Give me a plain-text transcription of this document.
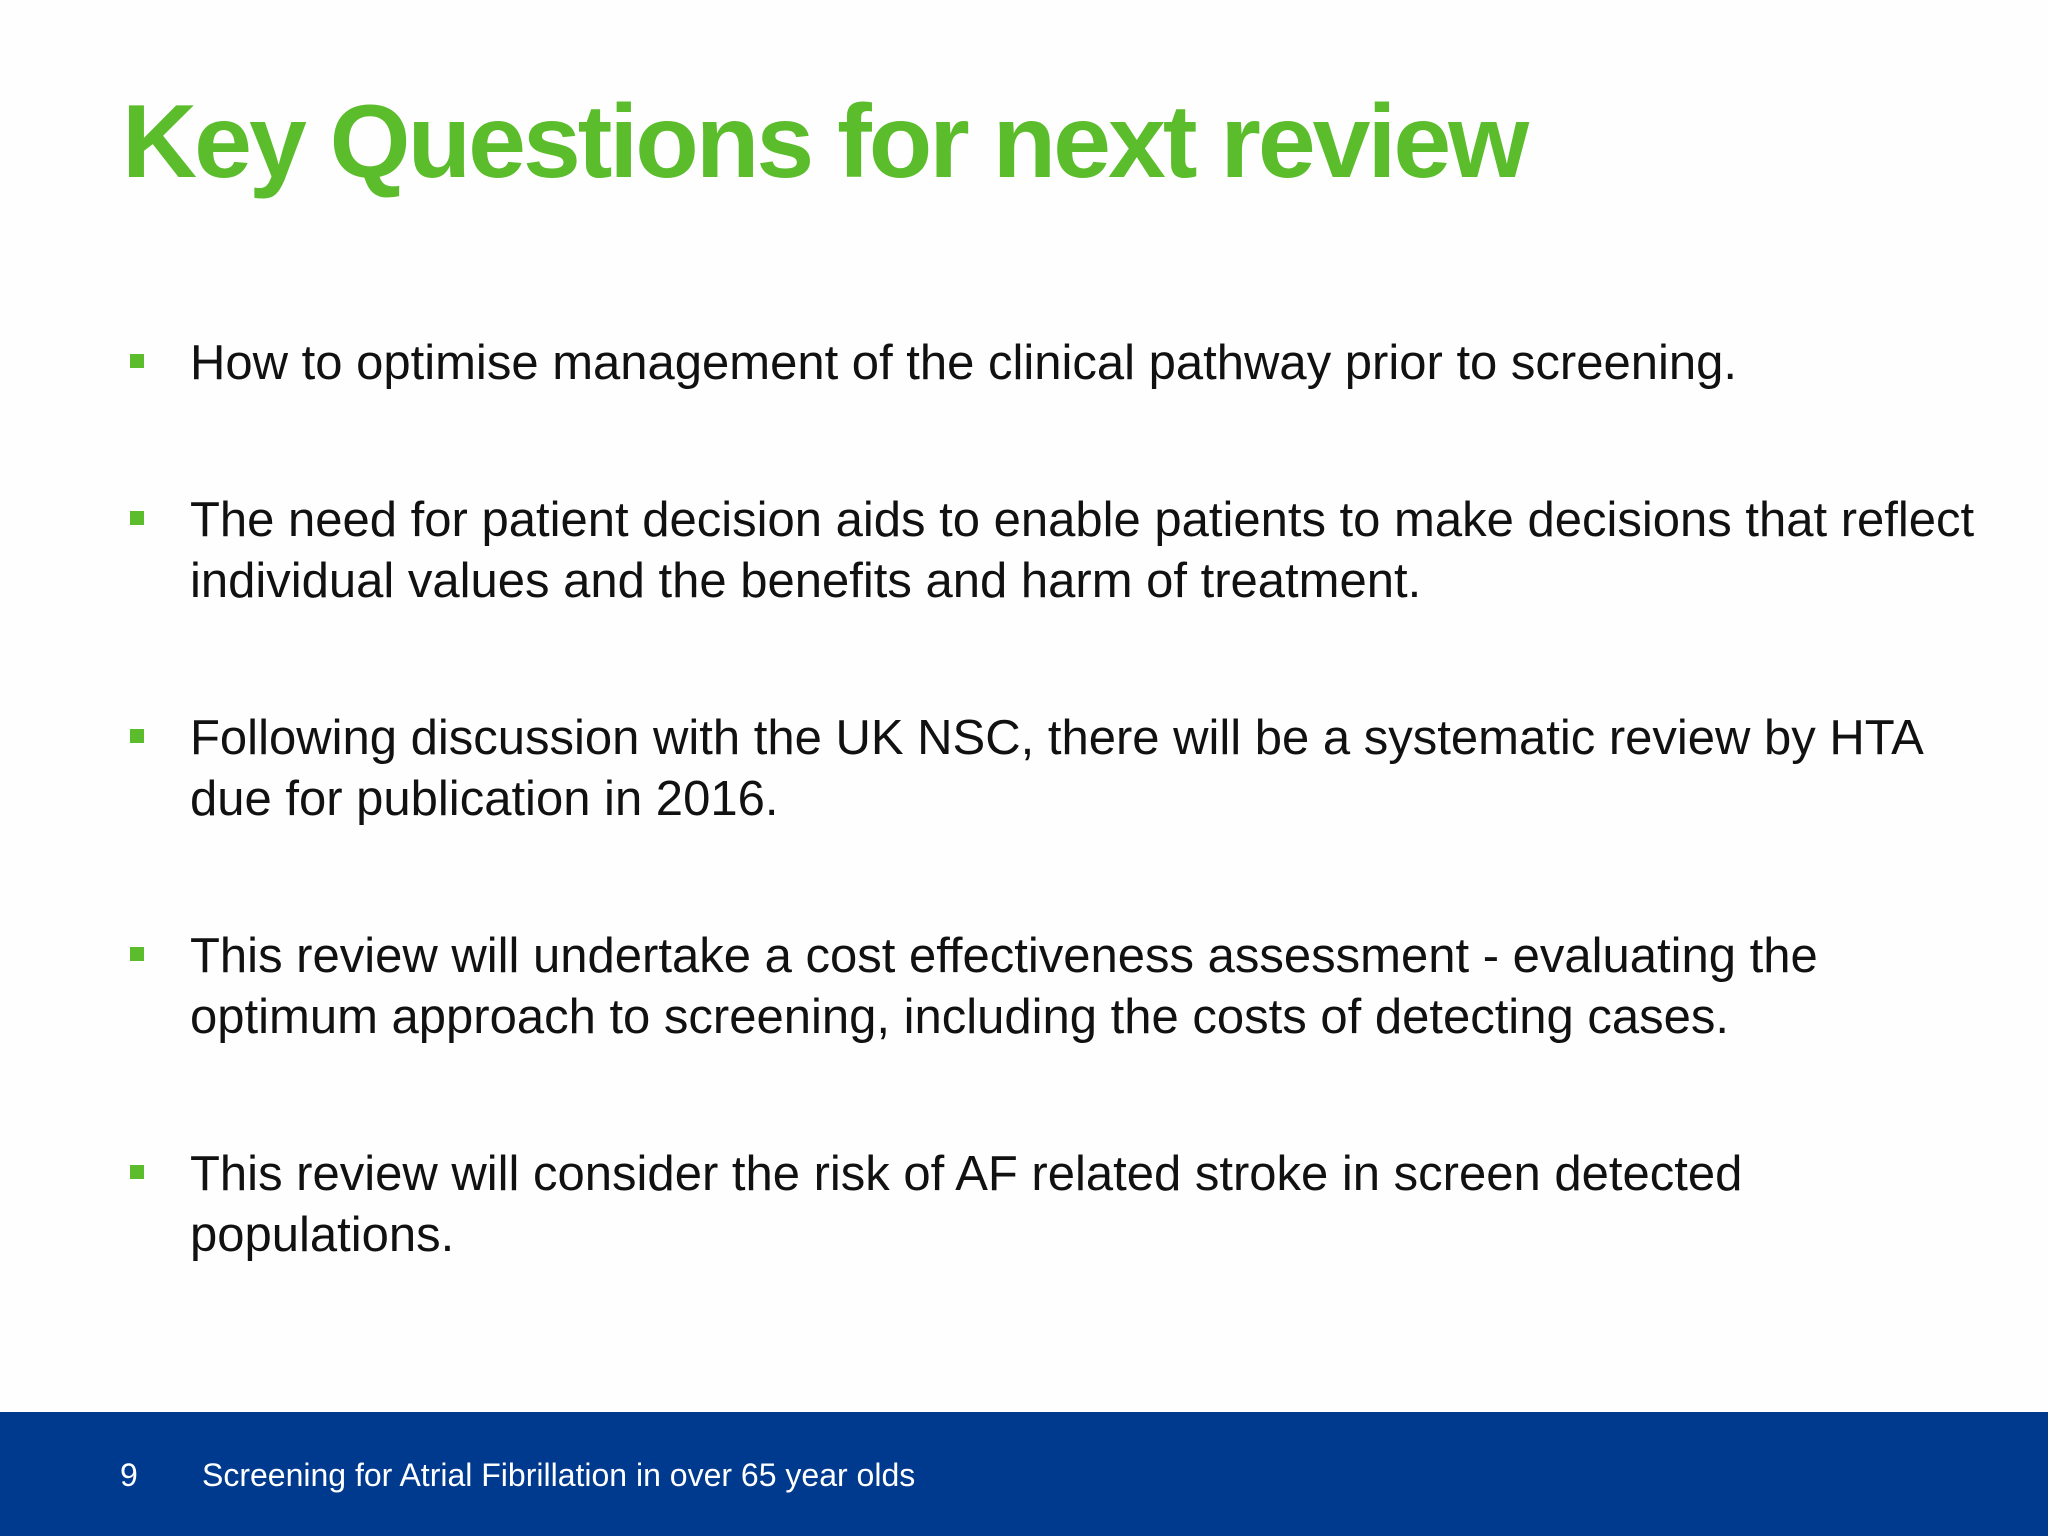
Key Questions for next review
How to optimise management of the clinical pathway prior to screening.
The need for patient decision aids to enable patients to make decisions that reflect individual values and the benefits and harm of treatment.
Following discussion with the UK NSC, there will be a systematic review by HTA due for publication in 2016.
This review will undertake a cost effectiveness assessment - evaluating the optimum approach to screening, including the costs of detecting cases.
This review will consider the risk of AF related stroke in screen detected populations.
9 Screening for Atrial Fibrillation in over 65 year olds
